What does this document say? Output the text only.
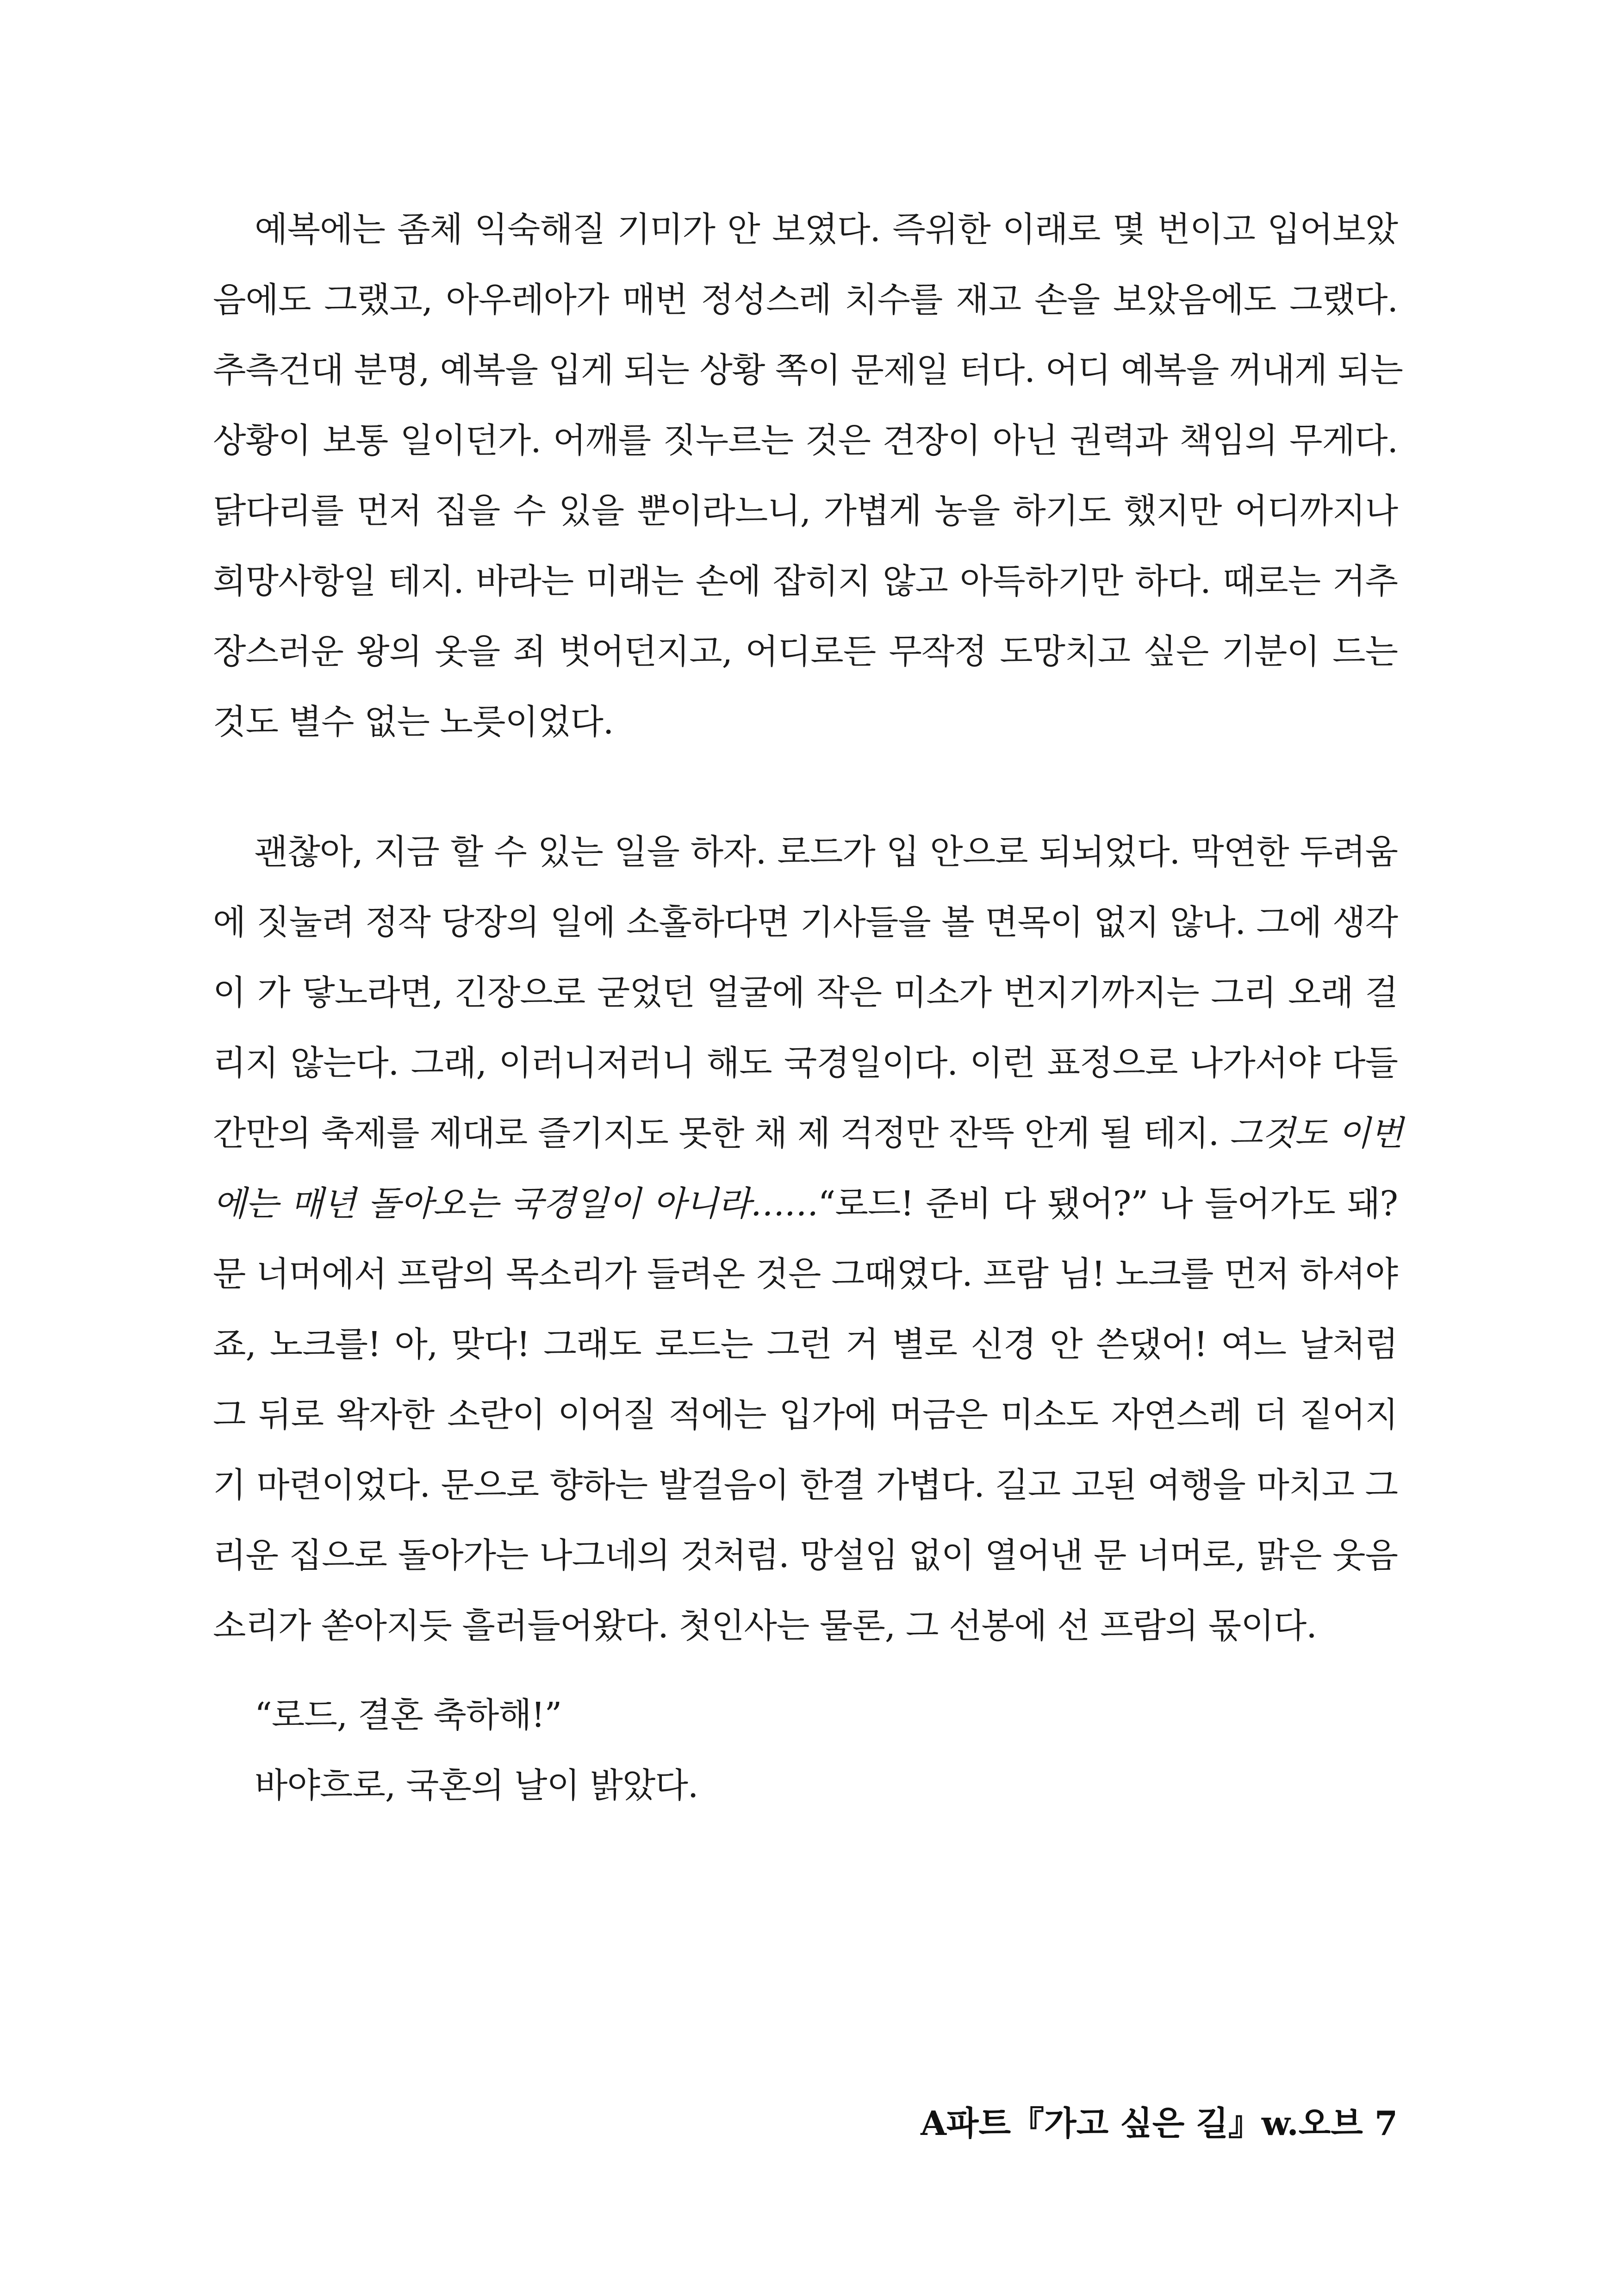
예복에는 좀체 익숙해질 기미가 안 보였다. 즉위한 이래로 몇 번이고 입어보았
음에도 그랬고, 아우레아가 매번 정성스레 치수를 재고 손을 보았음에도 그랬다.
추측건대 분명, 예복을 입게 되는 상황 쪽이 문제일 터다. 어디 예복을 꺼내게 되는
상황이 보통 일이던가. 어깨를 짓누르는 것은 견장이 아닌 권력과 책임의 무게다.
닭다리를 먼저 집을 수 있을 뿐이라느니, 가볍게 농을 하기도 했지만 어디까지나
희망사항일 테지. 바라는 미래는 손에 잡히지 않고 아득하기만 하다. 때로는 거추
장스러운 왕의 옷을 죄 벗어던지고, 어디로든 무작정 도망치고 싶은 기분이 드는
것도 별수 없는 노릇이었다.
괜찮아, 지금 할 수 있는 일을 하자. 로드가 입 안으로 되뇌었다. 막연한 두려움
에 짓눌려 정작 당장의 일에 소홀하다면 기사들을 볼 면목이 없지 않나. 그에 생각
이 가 닿노라면, 긴장으로 굳었던 얼굴에 작은 미소가 번지기까지는 그리 오래 걸
리지 않는다. 그래, 이러니저러니 해도 국경일이다. 이런 표정으로 나가서야 다들
간만의 축제를 제대로 즐기지도 못한 채 제 걱정만 잔뜩 안게 될 테지. 그것도 이번
에는 매년 돌아오는 국경일이 아니라……“로드! 준비 다 됐어?” 나 들어가도 돼?
문 너머에서 프람의 목소리가 들려온 것은 그때였다. 프람 님! 노크를 먼저 하셔야
죠, 노크를! 아, 맞다! 그래도 로드는 그런 거 별로 신경 안 쓴댔어! 여느 날처럼
그 뒤로 왁자한 소란이 이어질 적에는 입가에 머금은 미소도 자연스레 더 짙어지
기 마련이었다. 문으로 향하는 발걸음이 한결 가볍다. 길고 고된 여행을 마치고 그
리운 집으로 돌아가는 나그네의 것처럼. 망설임 없이 열어낸 문 너머로, 맑은 웃음
소리가 쏟아지듯 흘러들어왔다. 첫인사는 물론, 그 선봉에 선 프람의 몫이다.
“로드, 결혼 축하해!”
바야흐로, 국혼의 날이 밝았다.
A파트『가고 싶은 길』w.오브 7
